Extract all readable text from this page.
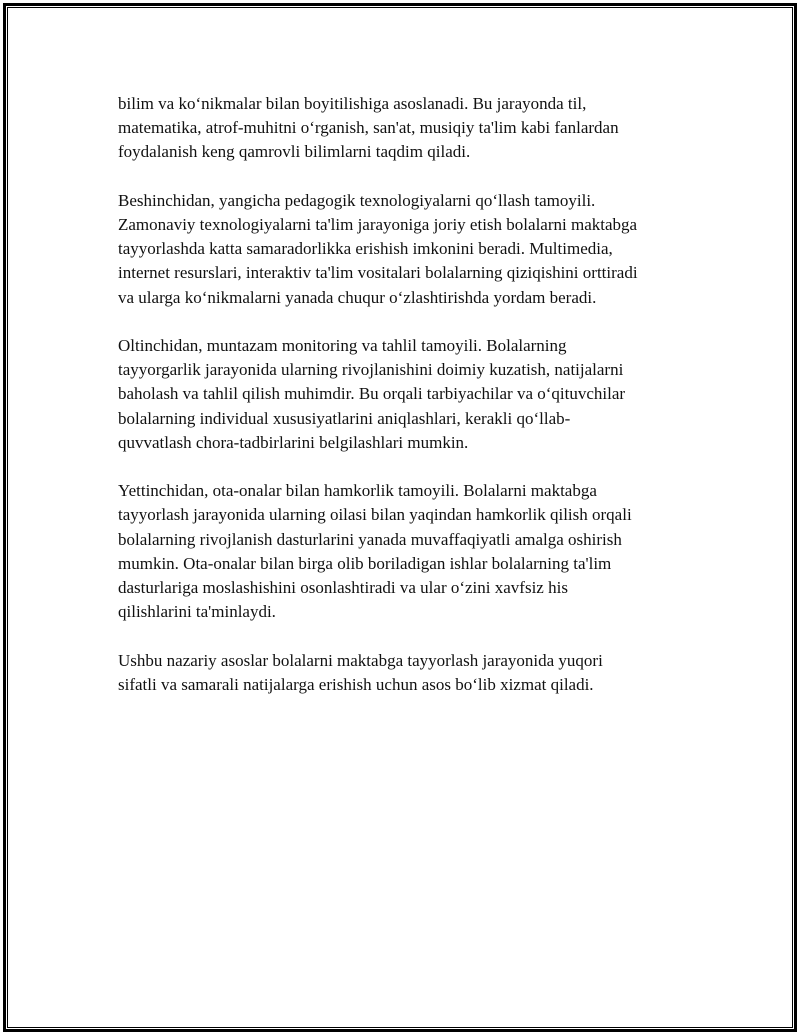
bilim va ko‘nikmalar bilan boyitilishiga asoslanadi. Bu jarayonda til,
matematika, atrof-muhitni o‘rganish, san'at, musiqiy ta'lim kabi fanlardan
foydalanish keng qamrovli bilimlarni taqdim qiladi.

Beshinchidan, yangicha pedagogik texnologiyalarni qo‘llash tamoyili.
Zamonaviy texnologiyalarni ta'lim jarayoniga joriy etish bolalarni maktabga
tayyorlashda katta samaradorlikka erishish imkonini beradi. Multimedia,
internet resurslari, interaktiv ta'lim vositalari bolalarning qiziqishini orttiradi
va ularga ko‘nikmalarni yanada chuqur o‘zlashtirishda yordam beradi.

Oltinchidan, muntazam monitoring va tahlil tamoyili. Bolalarning
tayyorgarlik jarayonida ularning rivojlanishini doimiy kuzatish, natijalarni
baholash va tahlil qilish muhimdir. Bu orqali tarbiyachilar va o‘qituvchilar
bolalarning individual xususiyatlarini aniqlashlari, kerakli qo‘llab-
quvvatlash chora-tadbirlarini belgilashlari mumkin.

Yettinchidan, ota-onalar bilan hamkorlik tamoyili. Bolalarni maktabga
tayyorlash jarayonida ularning oilasi bilan yaqindan hamkorlik qilish orqali
bolalarning rivojlanish dasturlarini yanada muvaffaqiyatli amalga oshirish
mumkin. Ota-onalar bilan birga olib boriladigan ishlar bolalarning ta'lim
dasturlariga moslashishini osonlashtiradi va ular o‘zini xavfsiz his
qilishlarini ta'minlaydi.

Ushbu nazariy asoslar bolalarni maktabga tayyorlash jarayonida yuqori
sifatli va samarali natijalarga erishish uchun asos bo‘lib xizmat qiladi.
